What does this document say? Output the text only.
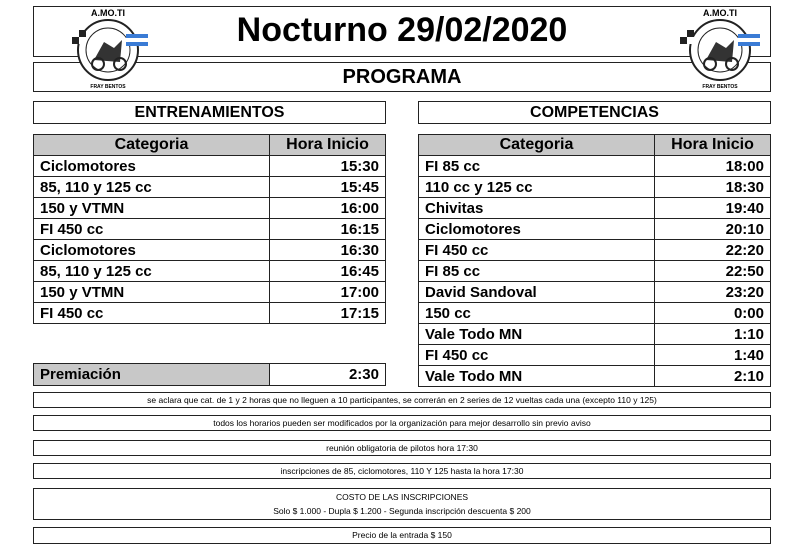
Nocturno 29/02/2020
PROGRAMA
A.MO.TI
FRAY BENTOS
A.MO.TI
FRAY BENTOS
ENTRENAMIENTOS	COMPETENCIAS
Categoria	Hora Inicio
Ciclomotores	15:30
85, 110 y 125 cc	15:45
150 y VTMN	16:00
FI 450 cc	16:15
Ciclomotores	16:30
85, 110 y 125 cc	16:45
150 y VTMN	17:00
FI 450 cc	17:15
Premiación	2:30
Categoria	Hora Inicio
FI 85 cc	18:00
110 cc y 125 cc	18:30
Chivitas	19:40
Ciclomotores	20:10
FI 450 cc	22:20
FI 85 cc	22:50
David Sandoval	23:20
150 cc	0:00
Vale Todo MN	1:10
FI 450 cc	1:40
Vale Todo MN	2:10
se aclara que cat. de 1 y 2 horas que no lleguen a 10 participantes, se correrán en 2 series de 12 vueltas cada una (excepto 110 y 125)
todos los horarios pueden ser modificados por la organización para mejor desarrollo sin previo aviso
reunión obligatoria de pilotos hora 17:30
inscripciones de 85, ciclomotores, 110 Y 125 hasta la hora 17:30
COSTO DE LAS INSCRIPCIONES
Solo $ 1.000 - Dupla $ 1.200 - Segunda inscripción descuenta $ 200
Precio de la entrada $ 150
